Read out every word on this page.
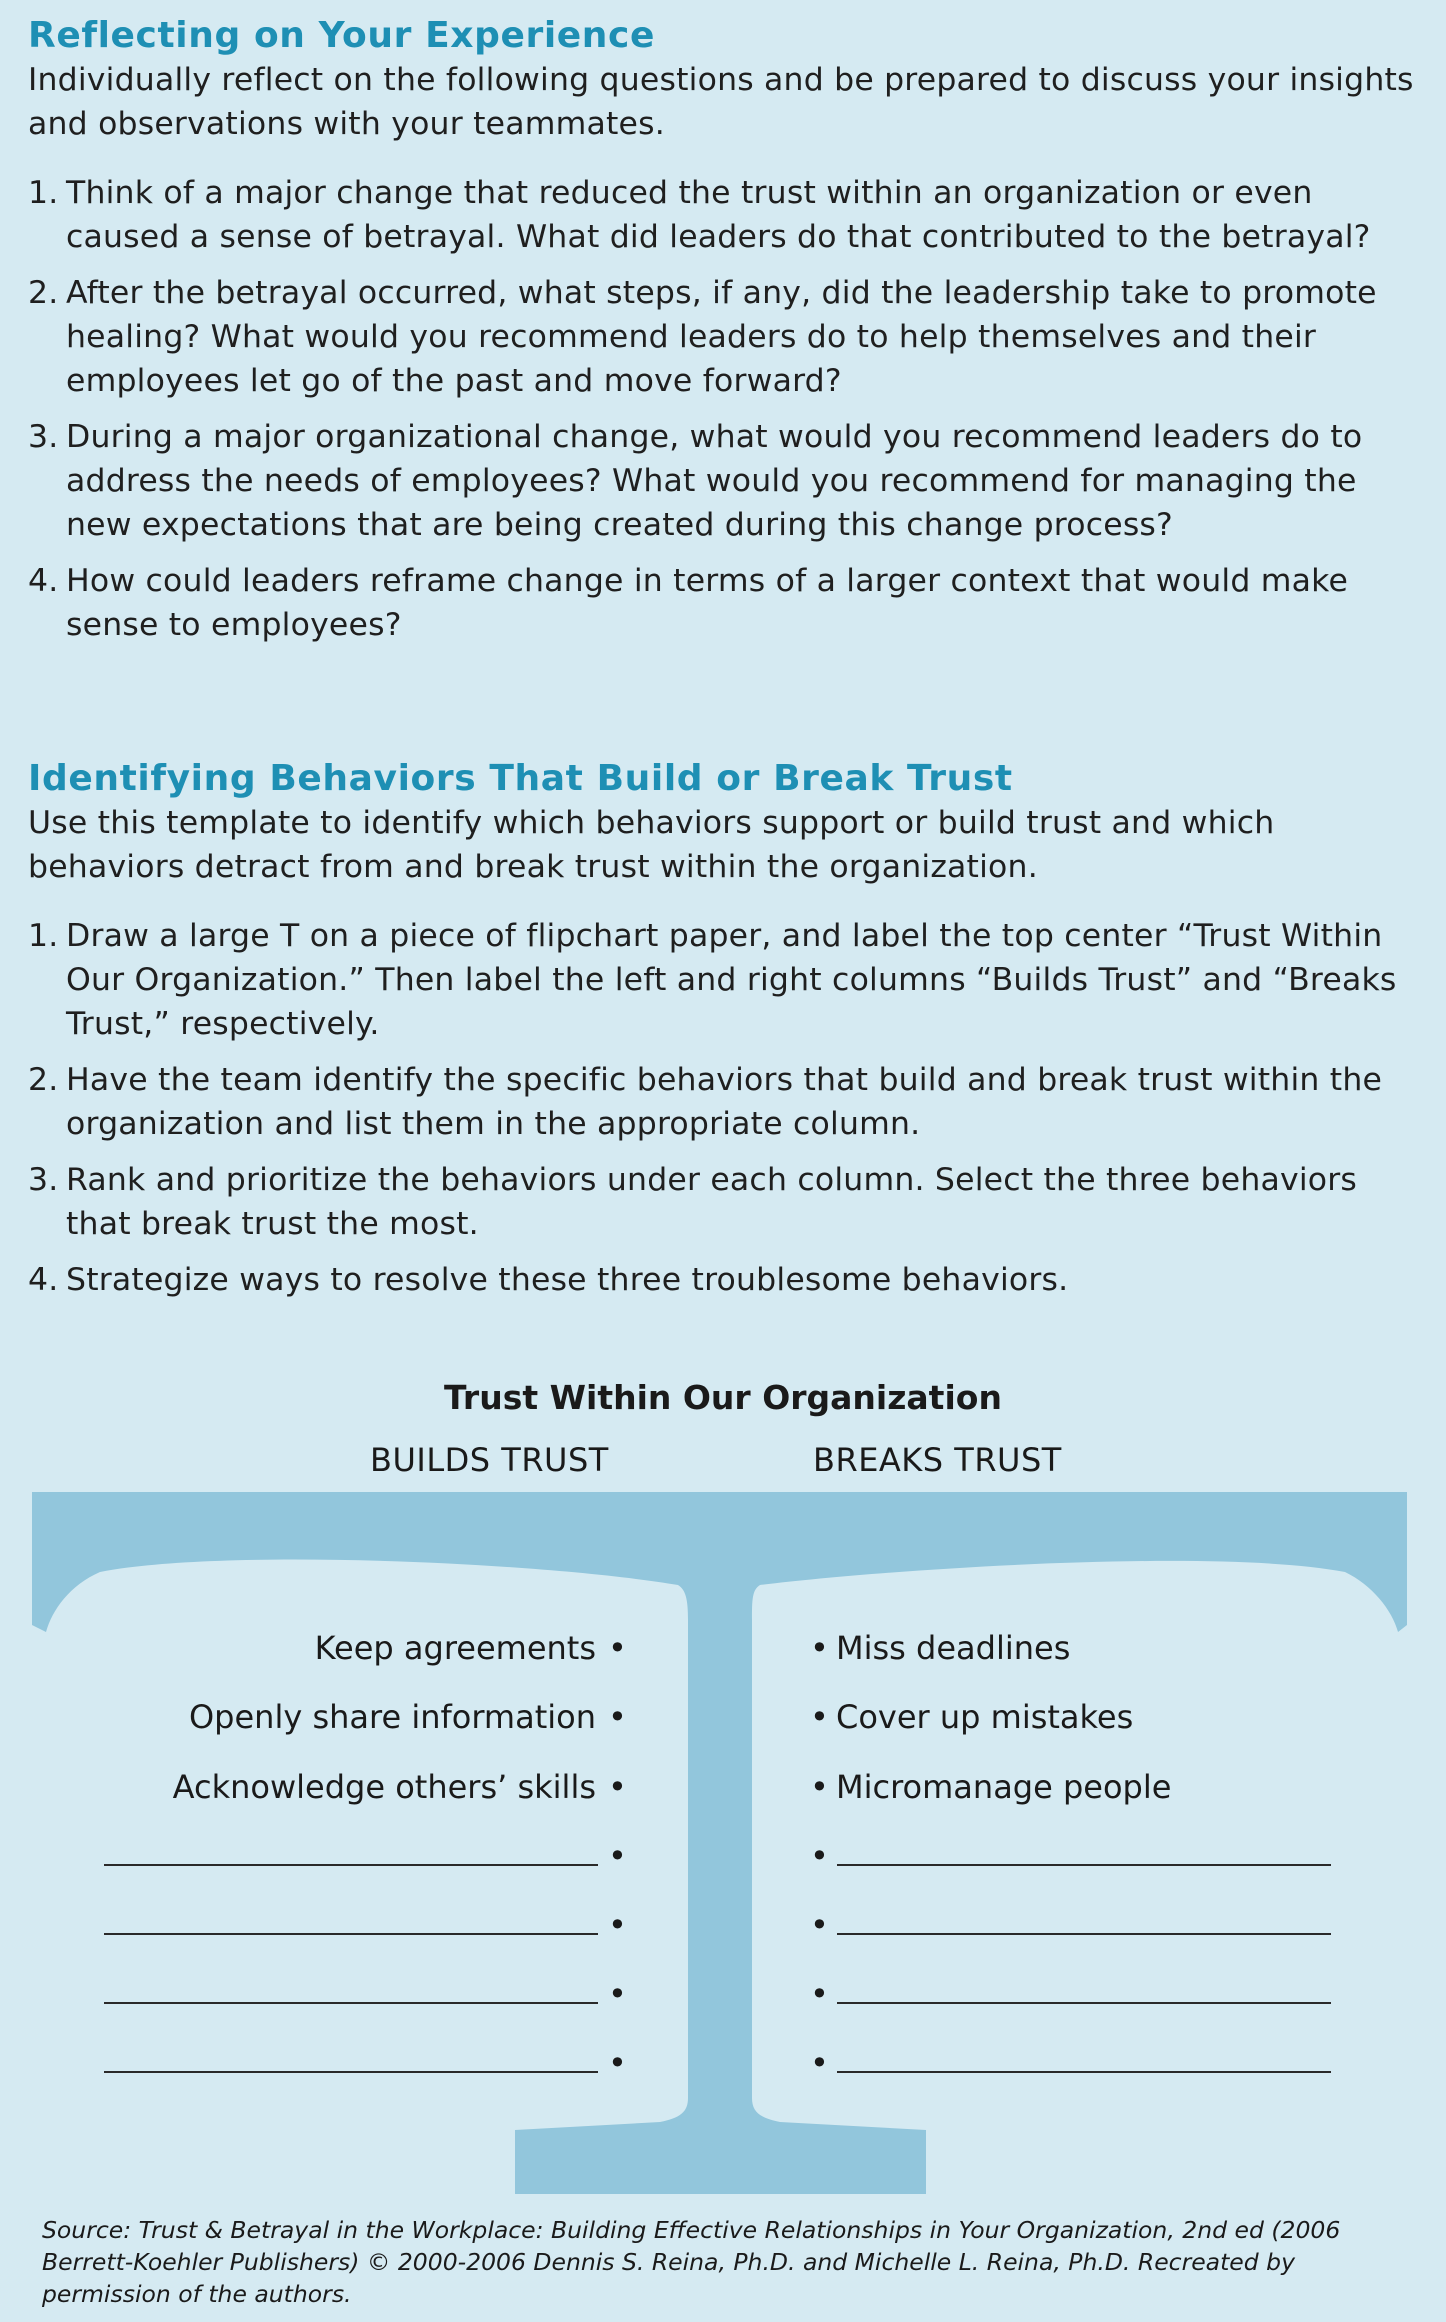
Reflecting on Your Experience

Individually reflect on the following questions and be prepared to discuss your insights and observations with your teammates.

1. Think of a major change that reduced the trust within an organization or even caused a sense of betrayal. What did leaders do that contributed to the betrayal?
2. After the betrayal occurred, what steps, if any, did the leadership take to promote healing? What would you recommend leaders do to help themselves and their employees let go of the past and move forward?
3. During a major organizational change, what would you recommend leaders do to address the needs of employees? What would you recommend for managing the new expectations that are being created during this change process?
4. How could leaders reframe change in terms of a larger context that would make sense to employees?
Identifying Behaviors That Build or Break Trust

Use this template to identify which behaviors support or build trust and which behaviors detract from and break trust within the organization.

1. Draw a large T on a piece of flipchart paper, and label the top center “Trust Within Our Organization.” Then label the left and right columns “Builds Trust” and “Breaks Trust,” respectively.
2. Have the team identify the specific behaviors that build and break trust within the organization and list them in the appropriate column.
3. Rank and prioritize the behaviors under each column. Select the three behaviors that break trust the most.
4. Strategize ways to resolve these three troublesome behaviors.
Trust Within Our Organization
BUILDS TRUST	BREAKS TRUST
Keep agreements
Openly share information
Acknowledge others’ skills
•
•
•
•
•
•
•
•
•
•
•
•
•
•
Miss deadlines
Cover up mistakes
Micromanage people
Source: Trust & Betrayal in the Workplace: Building Effective Relationships in Your Organization, 2nd ed (2006 Berrett-Koehler Publishers) © 2000-2006 Dennis S. Reina, Ph.D. and Michelle L. Reina, Ph.D. Recreated by permission of the authors.
